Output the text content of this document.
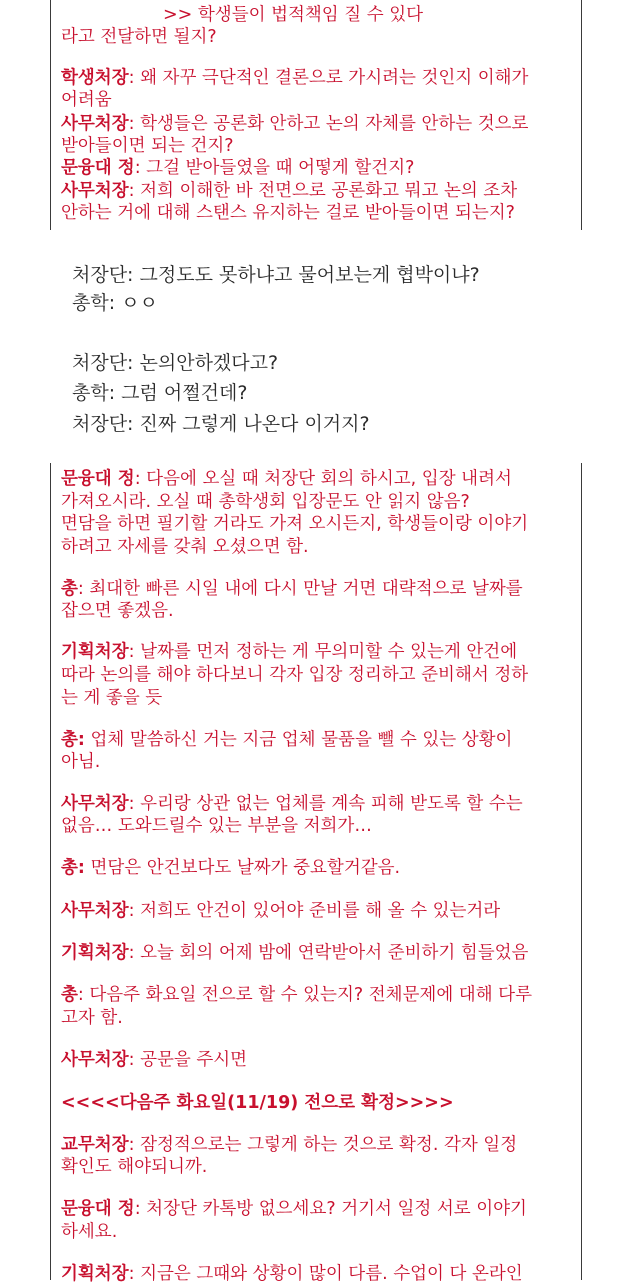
>> 학생들이 법적책임 질 수 있다
라고 전달하면 될지?
학생처장: 왜 자꾸 극단적인 결론으로 가시려는 것인지 이해가
어려움
사무처장: 학생들은 공론화 안하고 논의 자체를 안하는 것으로
받아들이면 되는 건지?
문융대 정: 그걸 받아들였을 때 어떻게 할건지?
사무처장: 저희 이해한 바 전면으로 공론화고 뭐고 논의 조차
안하는 거에 대해 스탠스 유지하는 걸로 받아들이면 되는지?
처장단: 그정도도 못하냐고 물어보는게 협박이냐?
총학: ㅇㅇ
처장단: 논의안하겠다고?
총학: 그럼 어쩔건데?
처장단: 진짜 그렇게 나온다 이거지?
문융대 정: 다음에 오실 때 처장단 회의 하시고, 입장 내려서
가져오시라. 오실 때 총학생회 입장문도 안 읽지 않음?
면담을 하면 필기할 거라도 가져 오시든지, 학생들이랑 이야기
하려고 자세를 갖춰 오셨으면 함.
총: 최대한 빠른 시일 내에 다시 만날 거면 대략적으로 날짜를
잡으면 좋겠음.
기획처장: 날짜를 먼저 정하는 게 무의미할 수 있는게 안건에
따라 논의를 해야 하다보니 각자 입장 정리하고 준비해서 정하
는 게 좋을 듯
총: 업체 말씀하신 거는 지금 업체 물품을 뺄 수 있는 상황이
아님.
사무처장: 우리랑 상관 없는 업체를 계속 피해 받도록 할 수는
없음… 도와드릴수 있는 부분을 저희가…
총: 면담은 안건보다도 날짜가 중요할거같음.
사무처장: 저희도 안건이 있어야 준비를 해 올 수 있는거라
기획처장: 오늘 회의 어제 밤에 연락받아서 준비하기 힘들었음
총: 다음주 화요일 전으로 할 수 있는지? 전체문제에 대해 다루
고자 함.
사무처장: 공문을 주시면
<<<<다음주 화요일(11/19) 전으로 확정>>>>
교무처장: 잠정적으로는 그렇게 하는 것으로 확정. 각자 일정
확인도 해야되니까.
문융대 정: 처장단 카톡방 없으세요? 거기서 일정 서로 이야기
하세요.
기획처장: 지금은 그때와 상황이 많이 다름. 수업이 다 온라인
